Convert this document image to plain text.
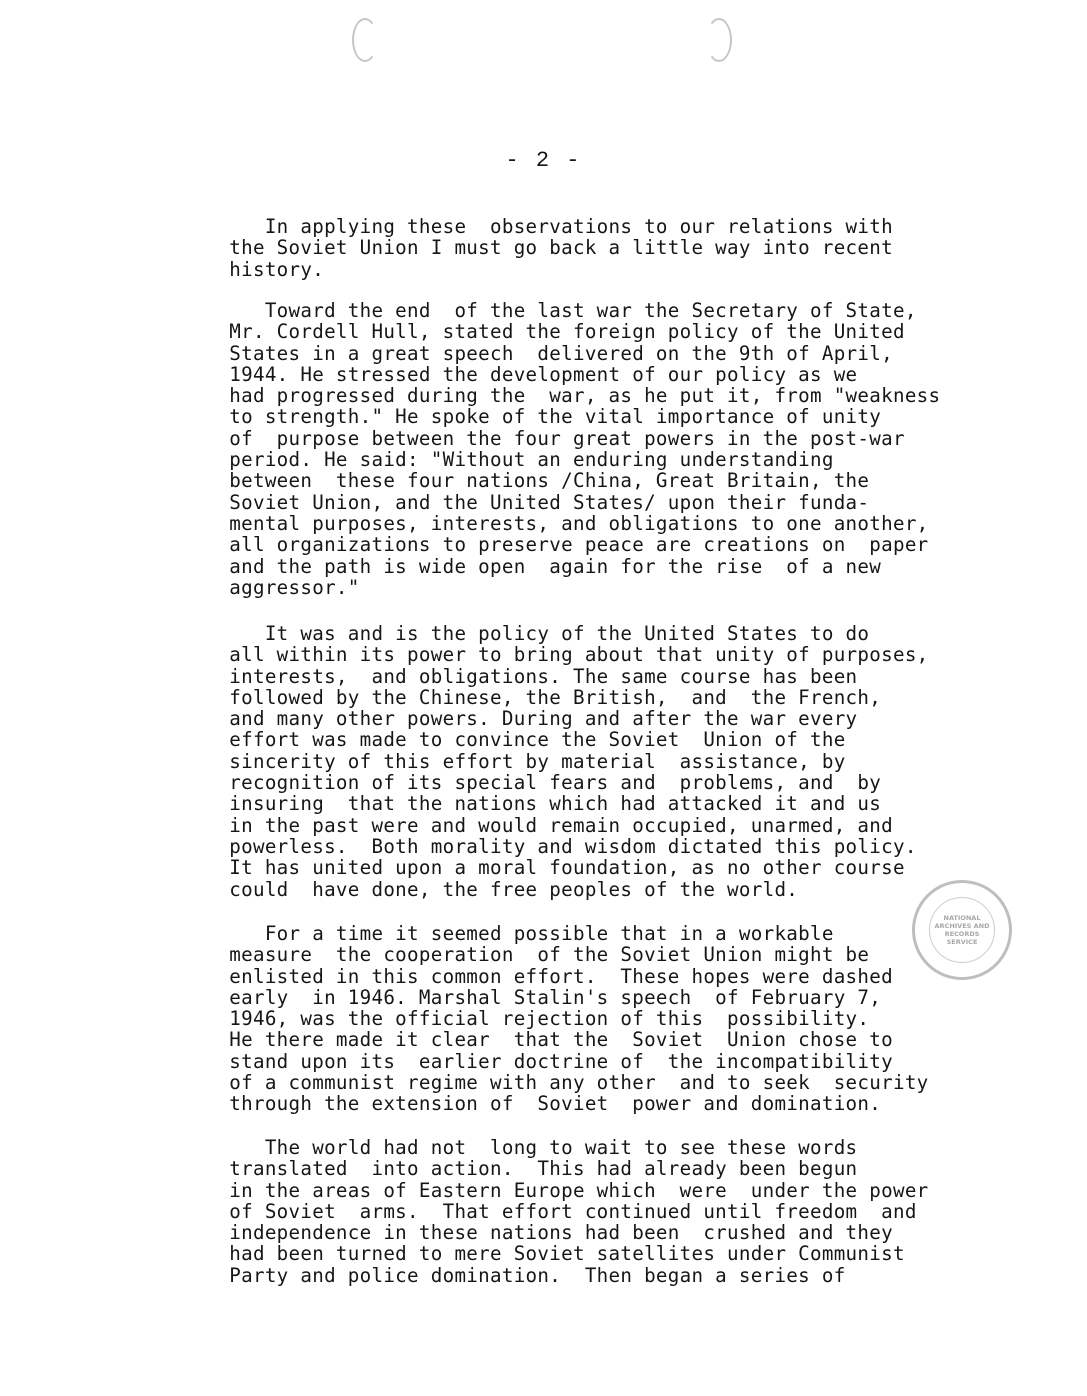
- 2 -
In applying these  observations to our relations with
the Soviet Union I must go back a little way into recent
history.
Toward the end  of the last war the Secretary of State,
Mr. Cordell Hull, stated the foreign policy of the United
States in a great speech  delivered on the 9th of April,
1944. He stressed the development of our policy as we
had progressed during the  war, as he put it, from "weakness
to strength." He spoke of the vital importance of unity
of  purpose between the four great powers in the post-war
period. He said: "Without an enduring understanding
between  these four nations /China, Great Britain, the
Soviet Union, and the United States/ upon their funda-
mental purposes, interests, and obligations to one another,
all organizations to preserve peace are creations on  paper
and the path is wide open  again for the rise  of a new
aggressor."
It was and is the policy of the United States to do
all within its power to bring about that unity of purposes,
interests,  and obligations. The same course has been
followed by the Chinese, the British,  and  the French,
and many other powers. During and after the war every
effort was made to convince the Soviet  Union of the
sincerity of this effort by material  assistance, by
recognition of its special fears and  problems, and  by
insuring  that the nations which had attacked it and us
in the past were and would remain occupied, unarmed, and
powerless.  Both morality and wisdom dictated this policy.
It has united upon a moral foundation, as no other course
could  have done, the free peoples of the world.
For a time it seemed possible that in a workable
measure  the cooperation  of the Soviet Union might be
enlisted in this common effort.  These hopes were dashed
early  in 1946. Marshal Stalin's speech  of February 7,
1946, was the official rejection of this  possibility.
He there made it clear  that the  Soviet  Union chose to
stand upon its  earlier doctrine of  the incompatibility
of a communist regime with any other  and to seek  security
through the extension of  Soviet  power and domination.
The world had not  long to wait to see these words
translated  into action.  This had already been begun
in the areas of Eastern Europe which  were  under the power
of Soviet  arms.  That effort continued until freedom  and
independence in these nations had been  crushed and they
had been turned to mere Soviet satellites under Communist
Party and police domination.  Then began a series of
NATIONAL
ARCHIVES AND
RECORDS
SERVICE
